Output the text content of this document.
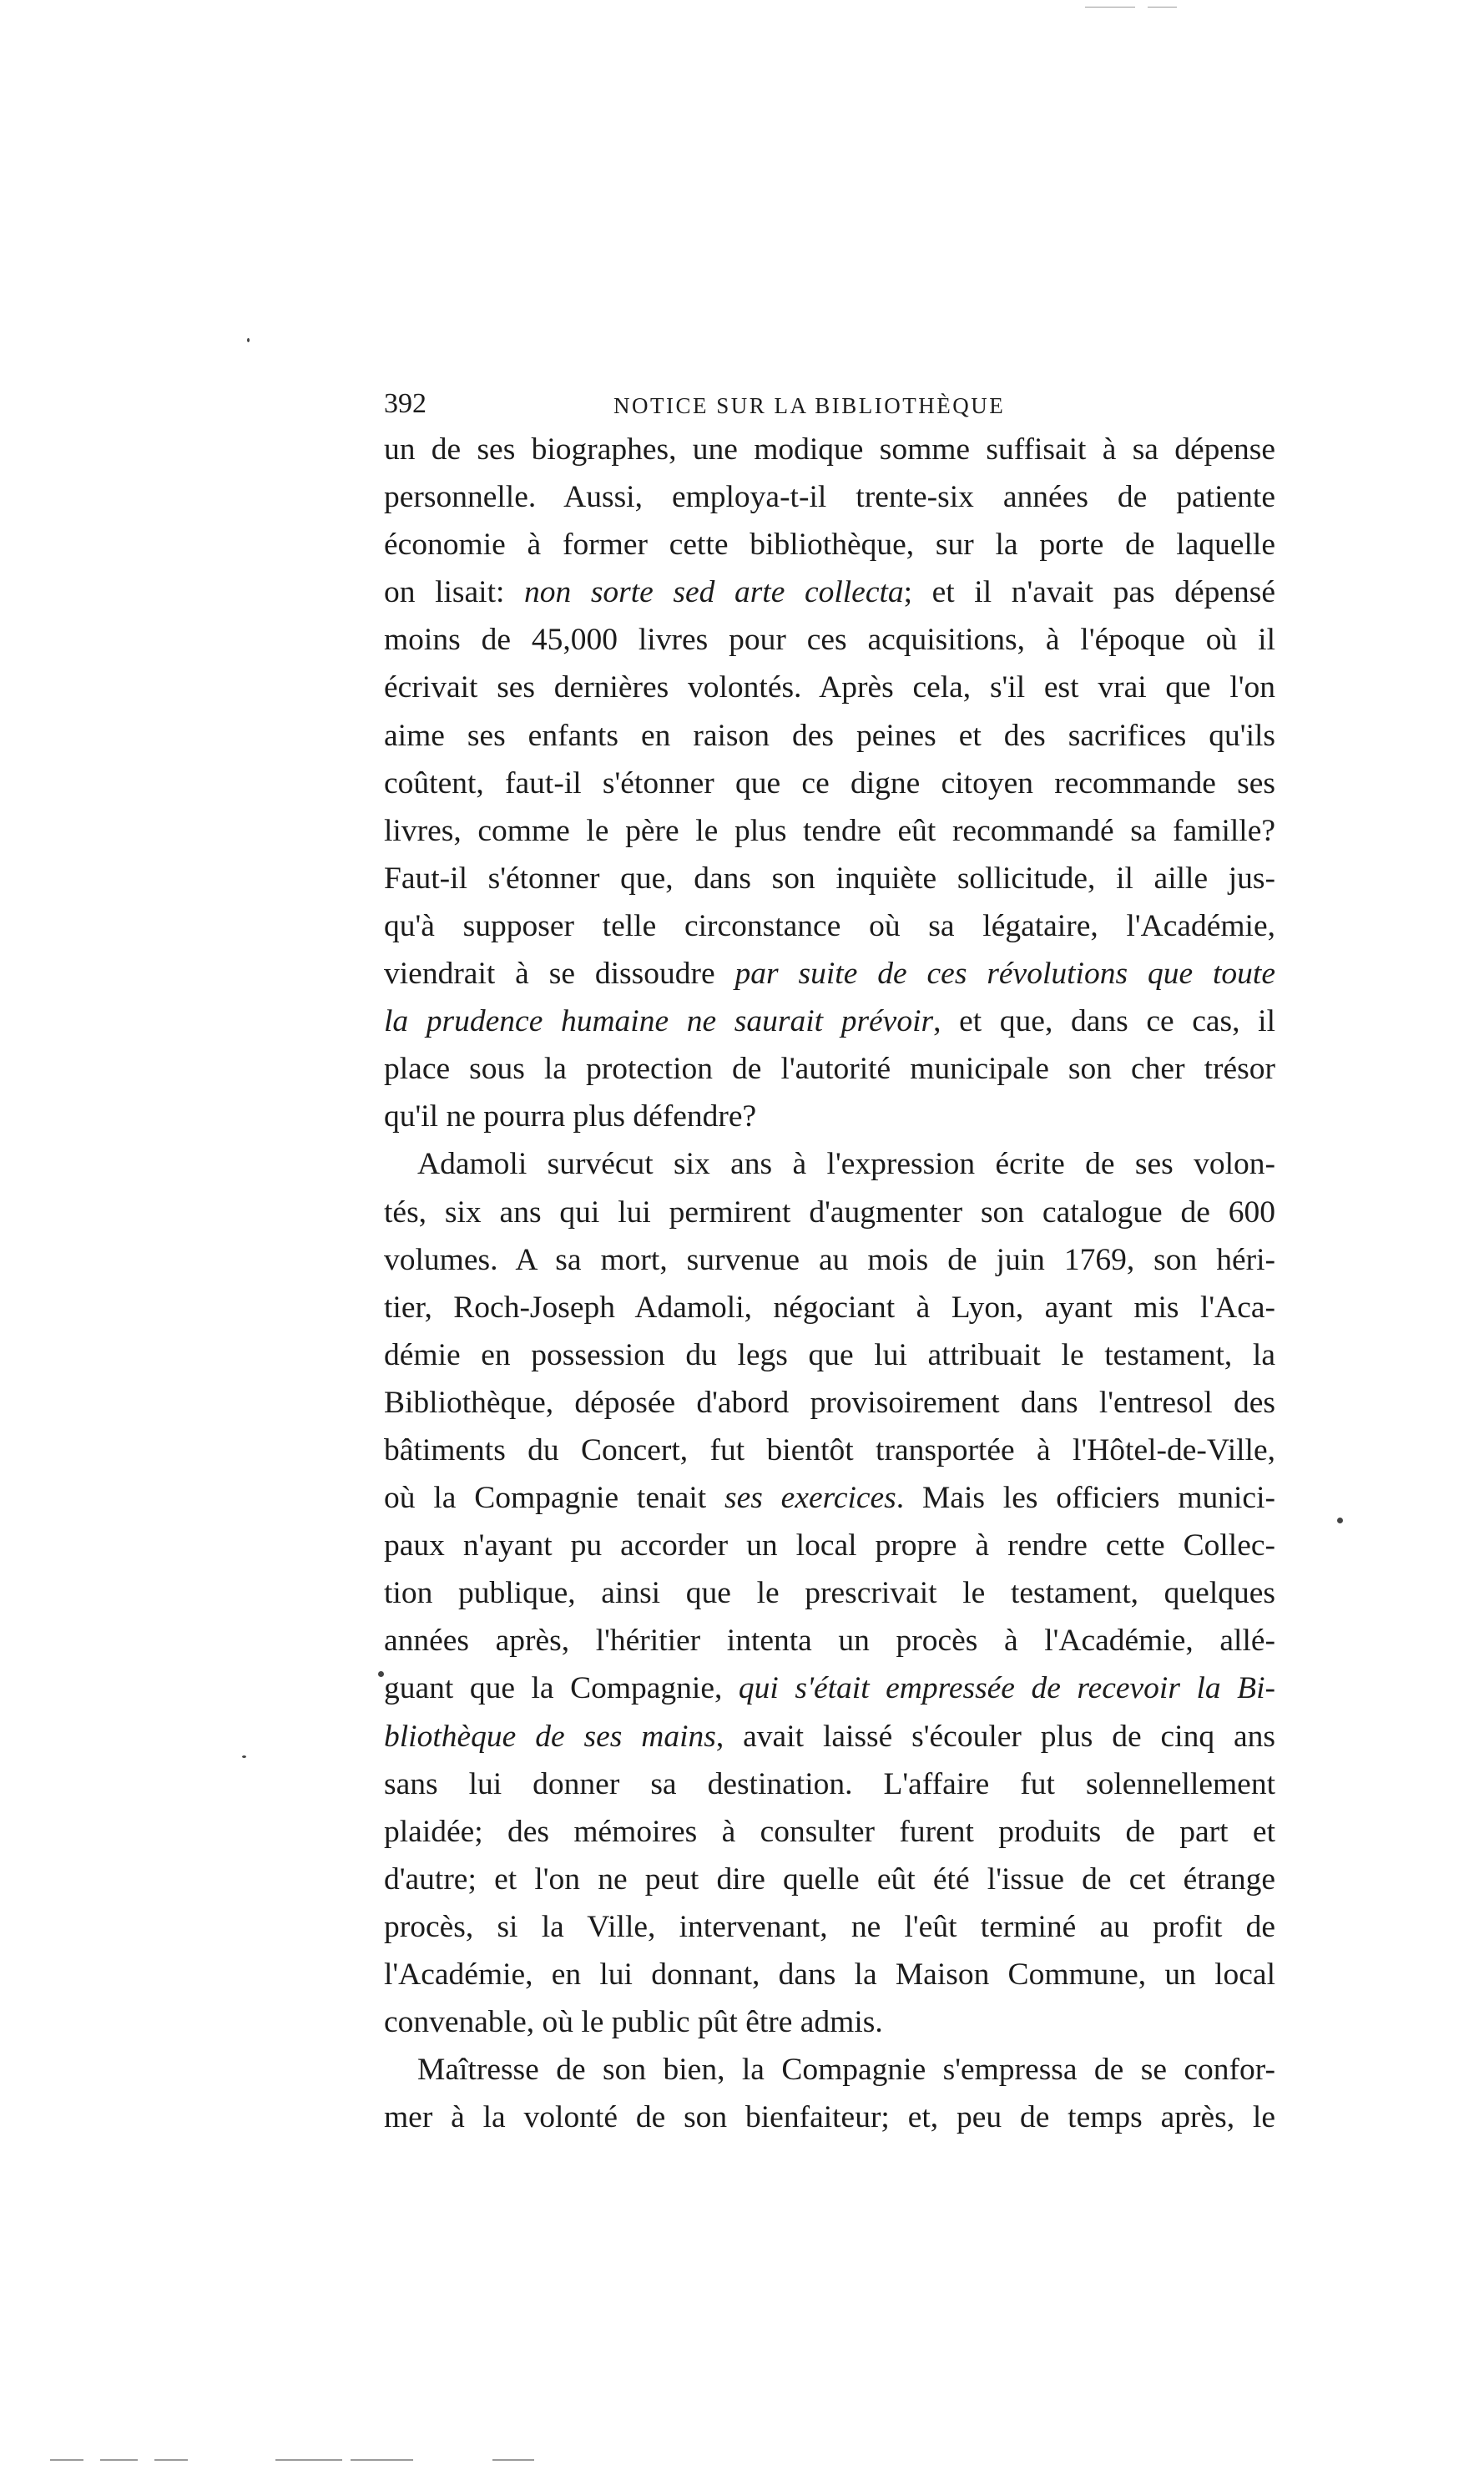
392	NOTICE SUR LA BIBLIOTHÈQUE
un de ses biographes, une modique somme suffisait à sa dépense
personnelle. Aussi, employa-t-il trente-six années de patiente
économie à former cette bibliothèque, sur la porte de laquelle
on lisait: non sorte sed arte collecta; et il n'avait pas dépensé
moins de 45,000 livres pour ces acquisitions, à l'époque où il
écrivait ses dernières volontés. Après cela, s'il est vrai que l'on
aime ses enfants en raison des peines et des sacrifices qu'ils
coûtent, faut-il s'étonner que ce digne citoyen recommande ses
livres, comme le père le plus tendre eût recommandé sa famille?
Faut-il s'étonner que, dans son inquiète sollicitude, il aille jus-
qu'à supposer telle circonstance où sa légataire, l'Académie,
viendrait à se dissoudre par suite de ces révolutions que toute
la prudence humaine ne saurait prévoir, et que, dans ce cas, il
place sous la protection de l'autorité municipale son cher trésor
qu'il ne pourra plus défendre?
Adamoli survécut six ans à l'expression écrite de ses volon-
tés, six ans qui lui permirent d'augmenter son catalogue de 600
volumes. A sa mort, survenue au mois de juin 1769, son héri-
tier, Roch-Joseph Adamoli, négociant à Lyon, ayant mis l'Aca-
démie en possession du legs que lui attribuait le testament, la
Bibliothèque, déposée d'abord provisoirement dans l'entresol des
bâtiments du Concert, fut bientôt transportée à l'Hôtel-de-Ville,
où la Compagnie tenait ses exercices. Mais les officiers munici-
paux n'ayant pu accorder un local propre à rendre cette Collec-
tion publique, ainsi que le prescrivait le testament, quelques
années après, l'héritier intenta un procès à l'Académie, allé-
guant que la Compagnie, qui s'était empressée de recevoir la Bi-
bliothèque de ses mains, avait laissé s'écouler plus de cinq ans
sans lui donner sa destination. L'affaire fut solennellement
plaidée; des mémoires à consulter furent produits de part et
d'autre; et l'on ne peut dire quelle eût été l'issue de cet étrange
procès, si la Ville, intervenant, ne l'eût terminé au profit de
l'Académie, en lui donnant, dans la Maison Commune, un local
convenable, où le public pût être admis.
Maîtresse de son bien, la Compagnie s'empressa de se confor-
mer à la volonté de son bienfaiteur; et, peu de temps après, le
